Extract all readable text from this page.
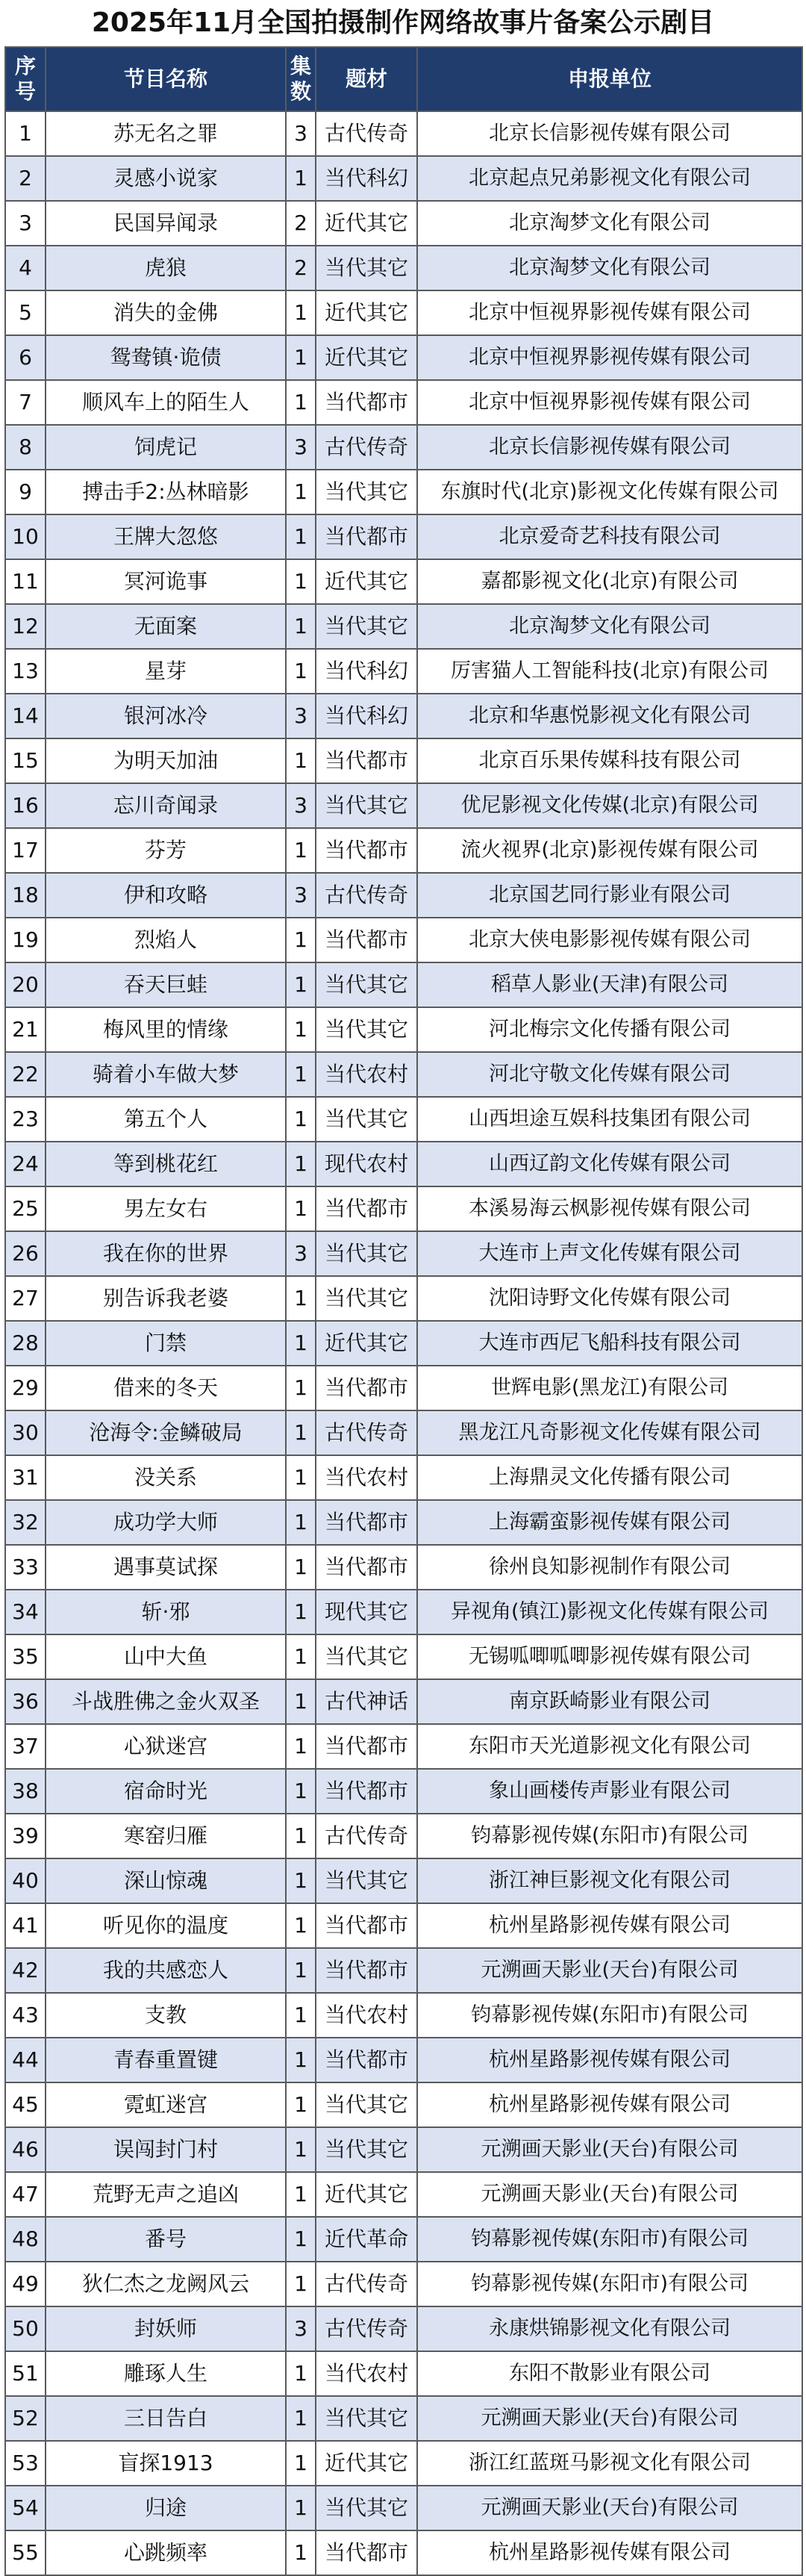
2025年11月全国拍摄制作网络故事片备案公示剧目
序号	节目名称	集数	题材	申报单位
1	苏无名之罪	3	古代传奇	北京长信影视传媒有限公司
2	灵感小说家	1	当代科幻	北京起点兄弟影视文化有限公司
3	民国异闻录	2	近代其它	北京淘梦文化有限公司
4	虎狼	2	当代其它	北京淘梦文化有限公司
5	消失的金佛	1	近代其它	北京中恒视界影视传媒有限公司
6	鸳鸯镇·诡债	1	近代其它	北京中恒视界影视传媒有限公司
7	顺风车上的陌生人	1	当代都市	北京中恒视界影视传媒有限公司
8	饲虎记	3	古代传奇	北京长信影视传媒有限公司
9	搏击手2:丛林暗影	1	当代其它	东旗时代(北京)影视文化传媒有限公司
10	王牌大忽悠	1	当代都市	北京爱奇艺科技有限公司
11	冥河诡事	1	近代其它	嘉都影视文化(北京)有限公司
12	无面案	1	当代其它	北京淘梦文化有限公司
13	星芽	1	当代科幻	厉害猫人工智能科技(北京)有限公司
14	银河冰冷	3	当代科幻	北京和华惠悦影视文化有限公司
15	为明天加油	1	当代都市	北京百乐果传媒科技有限公司
16	忘川奇闻录	3	当代其它	优尼影视文化传媒(北京)有限公司
17	芬芳	1	当代都市	流火视界(北京)影视传媒有限公司
18	伊和攻略	3	古代传奇	北京国艺同行影业有限公司
19	烈焰人	1	当代都市	北京大侠电影影视传媒有限公司
20	吞天巨蛙	1	当代其它	稻草人影业(天津)有限公司
21	梅风里的情缘	1	当代其它	河北梅宗文化传播有限公司
22	骑着小车做大梦	1	当代农村	河北守敬文化传媒有限公司
23	第五个人	1	当代其它	山西坦途互娱科技集团有限公司
24	等到桃花红	1	现代农村	山西辽韵文化传媒有限公司
25	男左女右	1	当代都市	本溪易海云枫影视传媒有限公司
26	我在你的世界	3	当代其它	大连市上声文化传媒有限公司
27	别告诉我老婆	1	当代其它	沈阳诗野文化传媒有限公司
28	门禁	1	近代其它	大连市西尼飞船科技有限公司
29	借来的冬天	1	当代都市	世辉电影(黑龙江)有限公司
30	沧海令:金鳞破局	1	古代传奇	黑龙江凡奇影视文化传媒有限公司
31	没关系	1	当代农村	上海鼎灵文化传播有限公司
32	成功学大师	1	当代都市	上海霸蛮影视传媒有限公司
33	遇事莫试探	1	当代都市	徐州良知影视制作有限公司
34	斩·邪	1	现代其它	异视角(镇江)影视文化传媒有限公司
35	山中大鱼	1	当代其它	无锡呱唧呱唧影视传媒有限公司
36	斗战胜佛之金火双圣	1	古代神话	南京跃崎影业有限公司
37	心狱迷宫	1	当代都市	东阳市天光道影视文化有限公司
38	宿命时光	1	当代都市	象山画楼传声影业有限公司
39	寒窑归雁	1	古代传奇	钧幕影视传媒(东阳市)有限公司
40	深山惊魂	1	当代其它	浙江神巨影视文化有限公司
41	听见你的温度	1	当代都市	杭州星路影视传媒有限公司
42	我的共感恋人	1	当代都市	元溯画天影业(天台)有限公司
43	支教	1	当代农村	钧幕影视传媒(东阳市)有限公司
44	青春重置键	1	当代都市	杭州星路影视传媒有限公司
45	霓虹迷宫	1	当代其它	杭州星路影视传媒有限公司
46	误闯封门村	1	当代其它	元溯画天影业(天台)有限公司
47	荒野无声之追凶	1	近代其它	元溯画天影业(天台)有限公司
48	番号	1	近代革命	钧幕影视传媒(东阳市)有限公司
49	狄仁杰之龙阙风云	1	古代传奇	钧幕影视传媒(东阳市)有限公司
50	封妖师	3	古代传奇	永康烘锦影视文化有限公司
51	雕琢人生	1	当代农村	东阳不散影业有限公司
52	三日告白	1	当代其它	元溯画天影业(天台)有限公司
53	盲探1913	1	近代其它	浙江红蓝斑马影视文化有限公司
54	归途	1	当代其它	元溯画天影业(天台)有限公司
55	心跳频率	1	当代都市	杭州星路影视传媒有限公司
